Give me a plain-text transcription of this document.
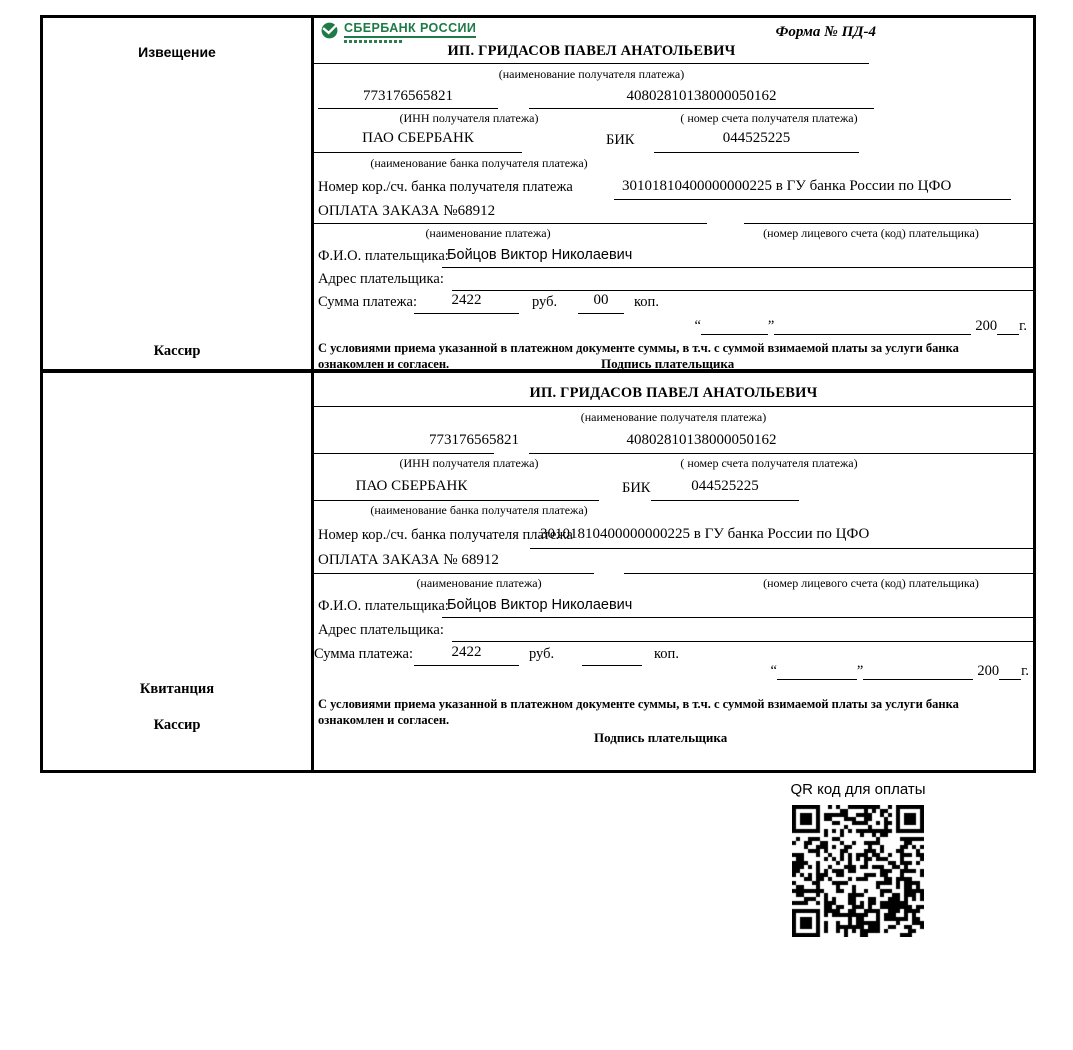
Извещение
Кассир
СБЕРБАНК РОССИИ	Форма № ПД-4
ИП. ГРИДАСОВ ПАВЕЛ АНАТОЛЬЕВИЧ
(наименование получателя платежа)
773176565821	40802810138000050162
(ИНН получателя платежа)	( номер счета получателя платежа)
ПАО СБЕРБАНК	БИК	044525225
(наименование банка получателя платежа)
Номер кор./сч. банка получателя платежа	30101810400000000225 в ГУ банка России по ЦФО
ОПЛАТА ЗАКАЗА №68912
(наименование платежа)	(номер лицевого счета (код) плательщика)
Ф.И.О. плательщика:
Бойцов Виктор Николаевич
Адрес плательщика:
Сумма платежа:	2422	руб.	00	коп.
“	”	200 г.
С условиями приема указанной в платежном документе суммы, в т.ч. с суммой взимаемой платы за услуги банка
ознакомлен и согласен.	Подпись плательщика
Квитанция
Кассир
ИП. ГРИДАСОВ ПАВЕЛ АНАТОЛЬЕВИЧ
(наименование получателя платежа)
773176565821	40802810138000050162
(ИНН получателя платежа)	( номер счета получателя платежа)
ПАО СБЕРБАНК	БИК	044525225
(наименование банка получателя платежа)
Номер кор./сч. банка получателя платежа
30101810400000000225 в ГУ банка России по ЦФО
ОПЛАТА ЗАКАЗА № 68912
(наименование платежа)	(номер лицевого счета (код) плательщика)
Ф.И.О. плательщика:
Бойцов Виктор Николаевич
Адрес плательщика:
Сумма платежа:	2422	руб.	коп.
“	”	200 г.
С условиями приема указанной в платежном документе суммы, в т.ч. с суммой взимаемой платы за услуги банка
ознакомлен и согласен.
Подпись плательщика
QR код для оплаты
